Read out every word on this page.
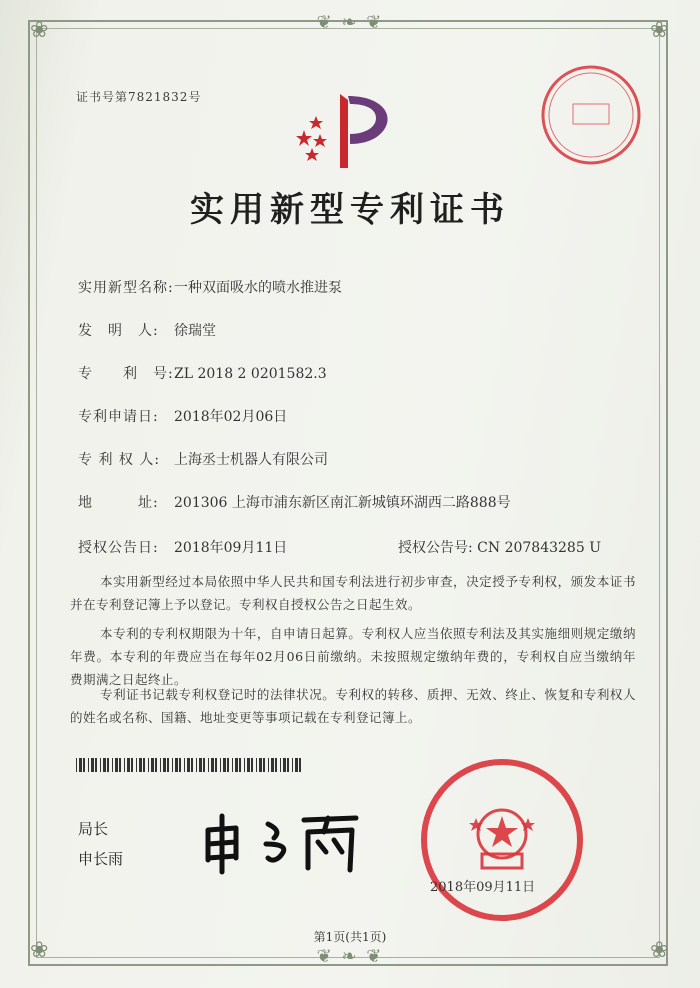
❦ ❧ ❦
❦ ❧ ❦
❀	❀
❀	❀
证书号第7821832号
实用新型专利证书
实用新型名称: 一种双面吸水的喷水推进泵
发　明　人:	徐瑞堂
专　　利　号: ZL 2018 2 0201582.3
专利申请日:	2018年02月06日
专 利 权 人: 上海丞士机器人有限公司
地　　　址:	201306 上海市浦东新区南汇新城镇环湖西二路888号
授权公告日:	2018年09月11日	授权公告号: CN 207843285 U
本实用新型经过本局依照中华人民共和国专利法进行初步审查，决定授予专利权，颁发本证书并在专利登记簿上予以登记。专利权自授权公告之日起生效。
本专利的专利权期限为十年，自申请日起算。专利权人应当依照专利法及其实施细则规定缴纳年费。本专利的年费应当在每年02月06日前缴纳。未按照规定缴纳年费的，专利权自应当缴纳年费期满之日起终止。
专利证书记载专利权登记时的法律状况。专利权的转移、质押、无效、终止、恢复和专利权人的姓名或名称、国籍、地址变更等事项记载在专利登记簿上。
局长
申长雨
2018年09月11日
第1页(共1页)
